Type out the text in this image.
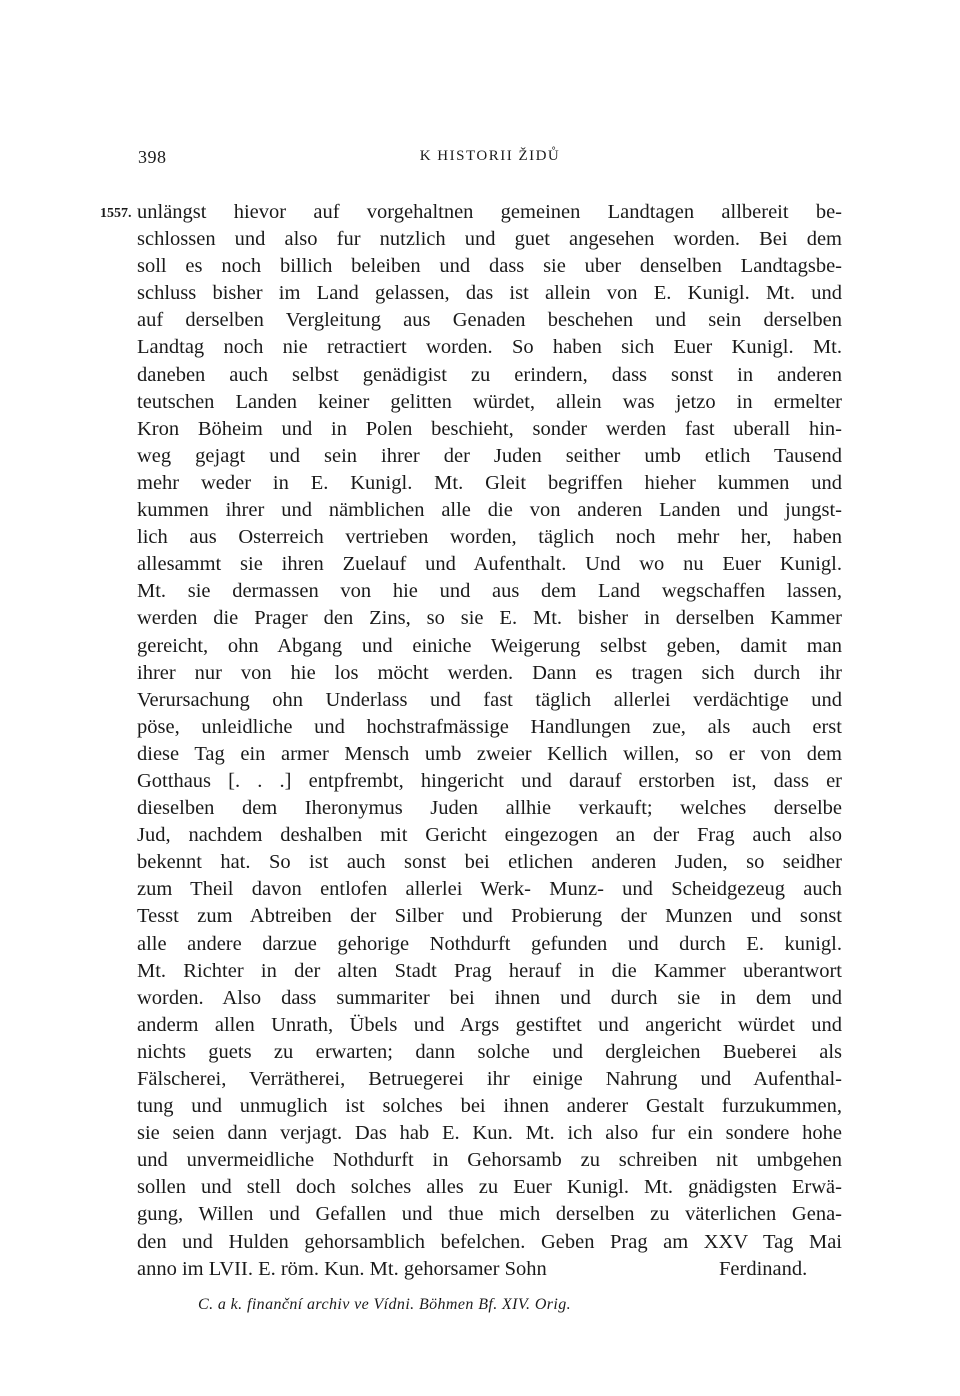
398	K HISTORII ŽIDŮ
1557. unlängst hievor auf vorgehaltnen gemeinen Landtagen allbereit be-
schlossen und also fur nutzlich und guet angesehen worden. Bei dem
soll es noch billich beleiben und dass sie uber denselben Landtagsbe-
schluss bisher im Land gelassen, das ist allein von E. Kunigl. Mt. und
auf derselben Vergleitung aus Genaden beschehen und sein derselben
Landtag noch nie retractiert worden. So haben sich Euer Kunigl. Mt.
daneben auch selbst genädigist zu erindern, dass sonst in anderen
teutschen Landen keiner gelitten würdet, allein was jetzo in ermelter
Kron Böheim und in Polen beschieht, sonder werden fast uberall hin-
weg gejagt und sein ihrer der Juden seither umb etlich Tausend
mehr weder in E. Kunigl. Mt. Gleit begriffen hieher kummen und
kummen ihrer und nämblichen alle die von anderen Landen und jungst-
lich aus Osterreich vertrieben worden, täglich noch mehr her, haben
allesammt sie ihren Zuelauf und Aufenthalt. Und wo nu Euer Kunigl.
Mt. sie dermassen von hie und aus dem Land wegschaffen lassen,
werden die Prager den Zins, so sie E. Mt. bisher in derselben Kammer
gereicht, ohn Abgang und einiche Weigerung selbst geben, damit man
ihrer nur von hie los möcht werden. Dann es tragen sich durch ihr
Verursachung ohn Underlass und fast täglich allerlei verdächtige und
pöse, unleidliche und hochstrafmässige Handlungen zue, als auch erst
diese Tag ein armer Mensch umb zweier Kellich willen, so er von dem
Gotthaus [. . .] entpfrembt, hingericht und darauf erstorben ist, dass er
dieselben dem Iheronymus Juden allhie verkauft; welches derselbe
Jud, nachdem deshalben mit Gericht eingezogen an der Frag auch also
bekennt hat. So ist auch sonst bei etlichen anderen Juden, so seidher
zum Theil davon entlofen allerlei Werk- Munz- und Scheidgezeug auch
Tesst zum Abtreiben der Silber und Probierung der Munzen und sonst
alle andere darzue gehorige Nothdurft gefunden und durch E. kunigl.
Mt. Richter in der alten Stadt Prag herauf in die Kammer uberantwort
worden. Also dass summariter bei ihnen und durch sie in dem und
anderm allen Unrath, Übels und Args gestiftet und angericht würdet und
nichts guets zu erwarten; dann solche und dergleichen Bueberei als
Fälscherei, Verrätherei, Betruegerei ihr einige Nahrung und Aufenthal-
tung und unmuglich ist solches bei ihnen anderer Gestalt furzukummen,
sie seien dann verjagt. Das hab E. Kun. Mt. ich also fur ein sondere hohe
und unvermeidliche Nothdurft in Gehorsamb zu schreiben nit umbgehen
sollen und stell doch solches alles zu Euer Kunigl. Mt. gnädigsten Erwä-
gung, Willen und Gefallen und thue mich derselben zu väterlichen Gena-
den und Hulden gehorsamblich befelchen. Geben Prag am XXV Tag Mai
anno im LVII. E. röm. Kun. Mt. gehorsamer Sohn	Ferdinand.
C. a k. finanční archiv ve Vídni. Böhmen Bf. XIV. Orig.
